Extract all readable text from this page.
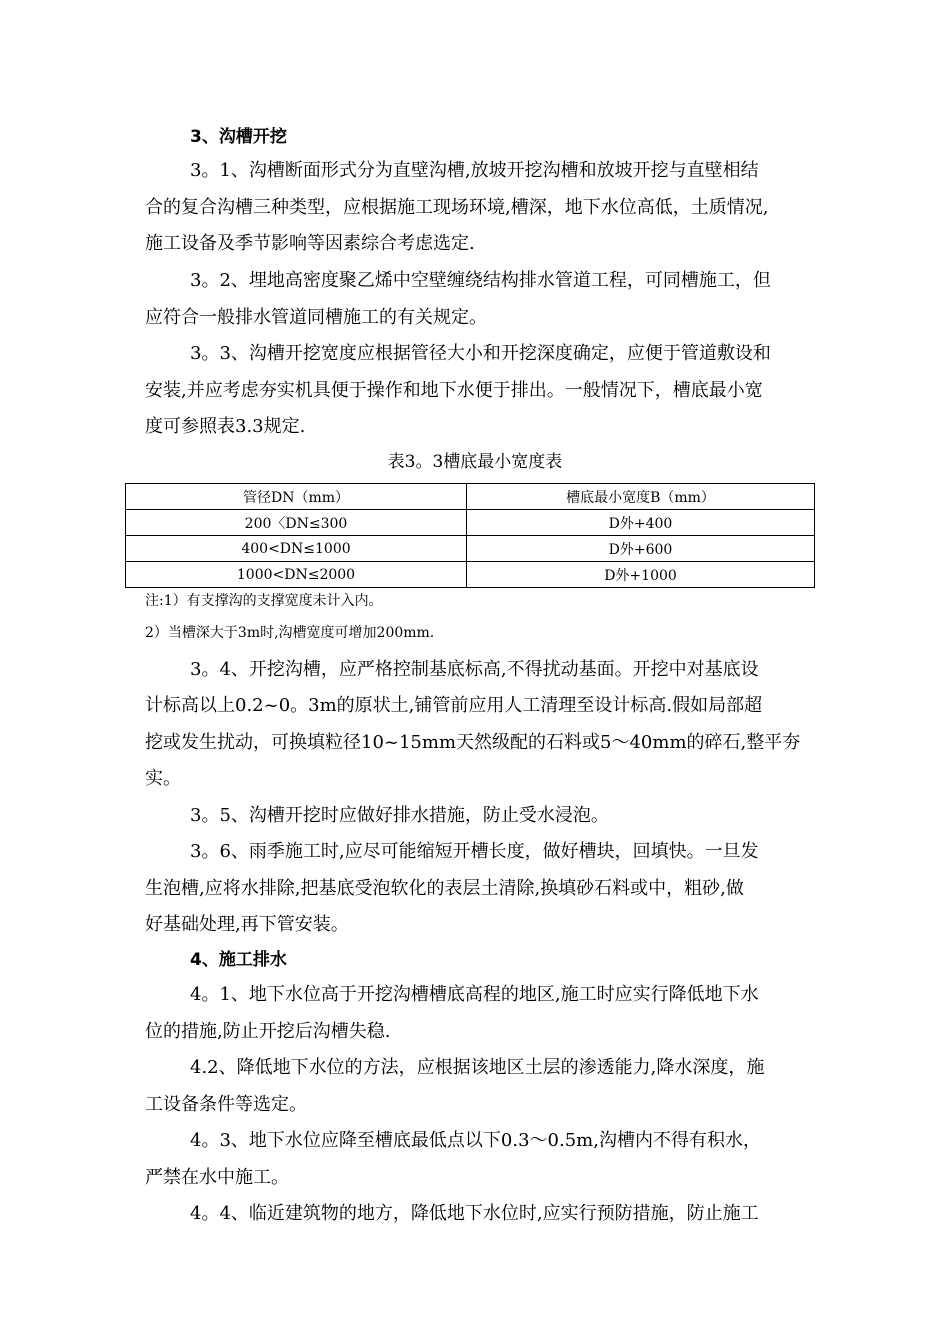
3、沟槽开挖
3。1、沟槽断面形式分为直壁沟槽,放坡开挖沟槽和放坡开挖与直壁相结
合的复合沟槽三种类型，应根据施工现场环境,槽深，地下水位高低，土质情况,
施工设备及季节影响等因素综合考虑选定.
3。2、埋地高密度聚乙烯中空壁缠绕结构排水管道工程，可同槽施工，但
应符合一般排水管道同槽施工的有关规定。
3。3、沟槽开挖宽度应根据管径大小和开挖深度确定，应便于管道敷设和
安装,并应考虑夯实机具便于操作和地下水便于排出。一般情况下，槽底最小宽
度可参照表3.3规定.
表3。3槽底最小宽度表
管径DN（mm）	槽底最小宽度B（mm）
200〈DN≤300	D外+400
400<DN≤1000	D外+600
1000<DN≤2000	D外+1000
注:1）有支撑沟的支撑宽度未计入内。
2）当槽深大于3m时,沟槽宽度可增加200mm.
3。4、开挖沟槽，应严格控制基底标高,不得扰动基面。开挖中对基底设
计标高以上0.2~0。3m的原状土,铺管前应用人工清理至设计标高.假如局部超
挖或发生扰动，可换填粒径10~15mm天然级配的石料或5～40mm的碎石,整平夯
实。
3。5、沟槽开挖时应做好排水措施，防止受水浸泡。
3。6、雨季施工时,应尽可能缩短开槽长度，做好槽块，回填快。一旦发
生泡槽,应将水排除,把基底受泡软化的表层土清除,换填砂石料或中，粗砂,做
好基础处理,再下管安装。
4、施工排水
4。1、地下水位高于开挖沟槽槽底高程的地区,施工时应实行降低地下水
位的措施,防止开挖后沟槽失稳.
4.2、降低地下水位的方法，应根据该地区土层的渗透能力,降水深度，施
工设备条件等选定。
4。3、地下水位应降至槽底最低点以下0.3～0.5m,沟槽内不得有积水，
严禁在水中施工。
4。4、临近建筑物的地方，降低地下水位时,应实行预防措施，防止施工
